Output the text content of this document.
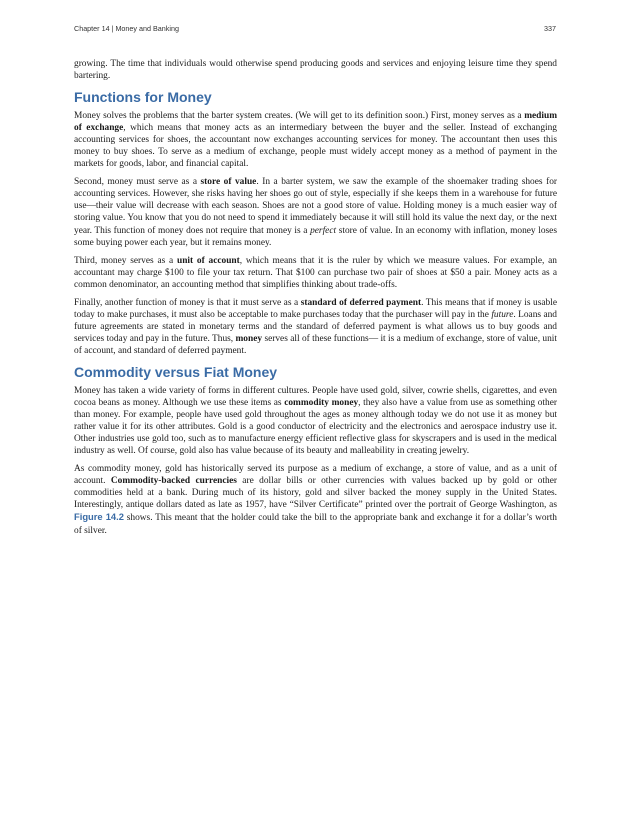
Chapter 14 | Money and Banking	337

growing. The time that individuals would otherwise spend producing goods and services and enjoying leisure time they spend bartering.

Functions for Money

Money solves the problems that the barter system creates. (We will get to its definition soon.) First, money serves as a medium of exchange, which means that money acts as an intermediary between the buyer and the seller. Instead of exchanging accounting services for shoes, the accountant now exchanges accounting services for money. The accountant then uses this money to buy shoes. To serve as a medium of exchange, people must widely accept money as a method of payment in the markets for goods, labor, and financial capital.

Second, money must serve as a store of value. In a barter system, we saw the example of the shoemaker trading shoes for accounting services. However, she risks having her shoes go out of style, especially if she keeps them in a warehouse for future use—their value will decrease with each season. Shoes are not a good store of value. Holding money is a much easier way of storing value. You know that you do not need to spend it immediately because it will still hold its value the next day, or the next year. This function of money does not require that money is a perfect store of value. In an economy with inflation, money loses some buying power each year, but it remains money.

Third, money serves as a unit of account, which means that it is the ruler by which we measure values. For example, an accountant may charge $100 to file your tax return. That $100 can purchase two pair of shoes at $50 a pair. Money acts as a common denominator, an accounting method that simplifies thinking about trade-offs.

Finally, another function of money is that it must serve as a standard of deferred payment. This means that if money is usable today to make purchases, it must also be acceptable to make purchases today that the purchaser will pay in the future. Loans and future agreements are stated in monetary terms and the standard of deferred payment is what allows us to buy goods and services today and pay in the future. Thus, money serves all of these functions— it is a medium of exchange, store of value, unit of account, and standard of deferred payment.

Commodity versus Fiat Money

Money has taken a wide variety of forms in different cultures. People have used gold, silver, cowrie shells, cigarettes, and even cocoa beans as money. Although we use these items as commodity money, they also have a value from use as something other than money. For example, people have used gold throughout the ages as money although today we do not use it as money but rather value it for its other attributes. Gold is a good conductor of electricity and the electronics and aerospace industry use it. Other industries use gold too, such as to manufacture energy efficient reflective glass for skyscrapers and is used in the medical industry as well. Of course, gold also has value because of its beauty and malleability in creating jewelry.

As commodity money, gold has historically served its purpose as a medium of exchange, a store of value, and as a unit of account. Commodity-backed currencies are dollar bills or other currencies with values backed up by gold or other commodities held at a bank. During much of its history, gold and silver backed the money supply in the United States. Interestingly, antique dollars dated as late as 1957, have “Silver Certificate” printed over the portrait of George Washington, as Figure 14.2 shows. This meant that the holder could take the bill to the appropriate bank and exchange it for a dollar’s worth of silver.
